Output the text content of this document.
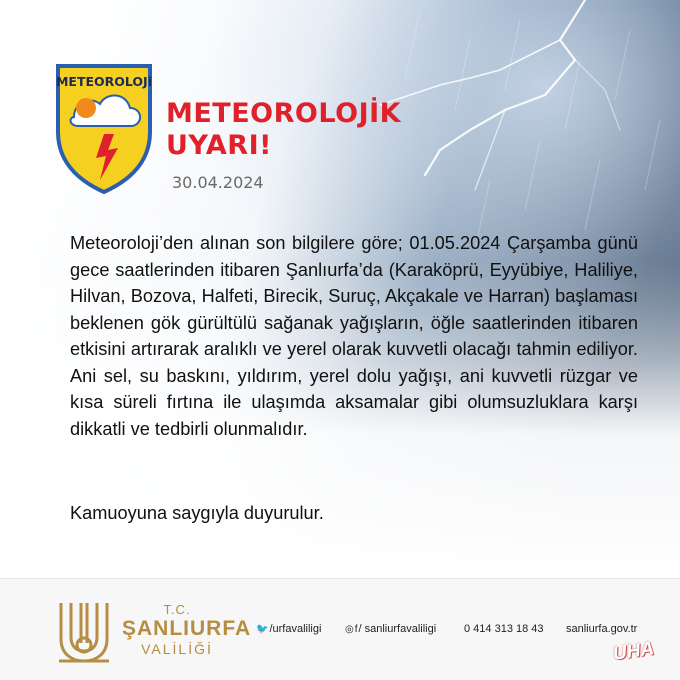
METEOROLOJi
METEOROLOJİK
UYARI!
30.04.2024
Meteoroloji’den alınan son bilgilere göre; 01.05.2024 Çarşamba günü gece saatlerinden itibaren Şanlıurfa’da (Karaköprü, Eyyübiye, Haliliye, Hilvan, Bozova, Halfeti, Birecik, Suruç, Akçakale ve Harran) başlaması beklenen gök gürültülü sağanak yağışların, öğle saatlerinden itibaren etkisini artırarak aralıklı ve yerel olarak kuvvetli olacağı tahmin ediliyor. Ani sel, su baskını, yıldırım, yerel dolu yağışı, ani kuvvetli rüzgar ve kısa süreli fırtına ile ulaşımda aksamalar gibi olumsuzluklara karşı dikkatli ve tedbirli olunmalıdır.
Kamuoyuna saygıyla duyurulur.
T.C.
ŞANLIURFA
VALİLİĞİ
🐦/urfavaliligi ◎f/ sanliurfavaliligi	0 414 313 18 43 sanliurfa.gov.tr
UHA
